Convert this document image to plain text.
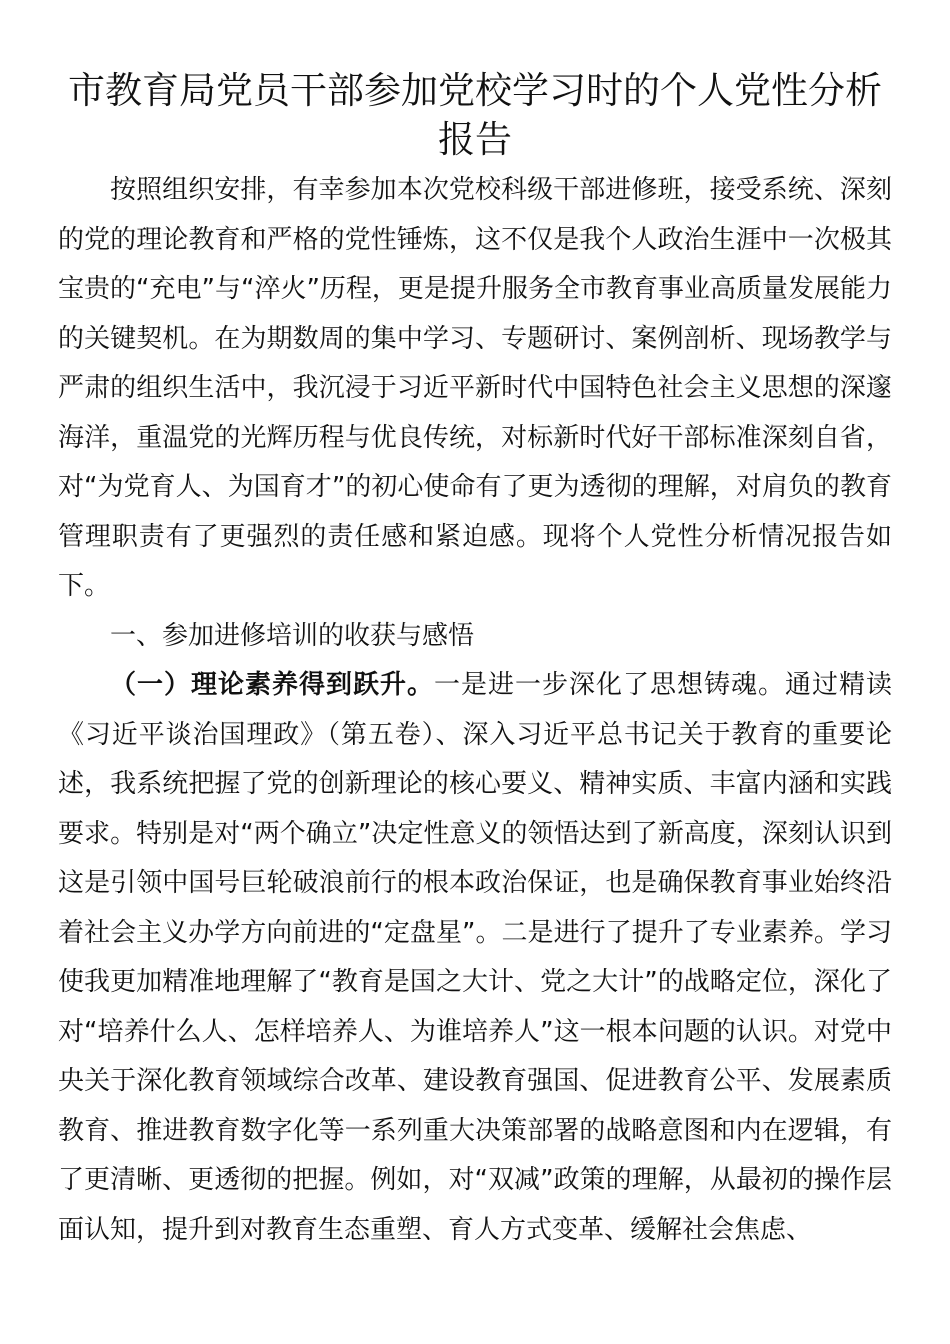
市教育局党员干部参加党校学习时的个人党性分析报告

按照组织安排，有幸参加本次党校科级干部进修班，接受系统、深刻的党的理论教育和严格的党性锤炼，这不仅是我个人政治生涯中一次极其宝贵的“充电”与“淬火”历程，更是提升服务全市教育事业高质量发展能力的关键契机。在为期数周的集中学习、专题研讨、案例剖析、现场教学与严肃的组织生活中，我沉浸于习近平新时代中国特色社会主义思想的深邃海洋，重温党的光辉历程与优良传统，对标新时代好干部标准深刻自省，对“为党育人、为国育才”的初心使命有了更为透彻的理解，对肩负的教育管理职责有了更强烈的责任感和紧迫感。现将个人党性分析情况报告如下。

一、参加进修培训的收获与感悟

（一）理论素养得到跃升。一是进一步深化了思想铸魂。通过精读《习近平谈治国理政》（第五卷）、深入习近平总书记关于教育的重要论述，我系统把握了党的创新理论的核心要义、精神实质、丰富内涵和实践要求。特别是对“两个确立”决定性意义的领悟达到了新高度，深刻认识到这是引领中国号巨轮破浪前行的根本政治保证，也是确保教育事业始终沿着社会主义办学方向前进的“定盘星”。二是进行了提升了专业素养。学习使我更加精准地理解了“教育是国之大计、党之大计”的战略定位，深化了对“培养什么人、怎样培养人、为谁培养人”这一根本问题的认识。对党中央关于深化教育领域综合改革、建设教育强国、促进教育公平、发展素质教育、推进教育数字化等一系列重大决策部署的战略意图和内在逻辑，有了更清晰、更透彻的把握。例如，对“双减”政策的理解，从最初的操作层面认知，提升到对教育生态重塑、育人方式变革、缓解社会焦虑、
